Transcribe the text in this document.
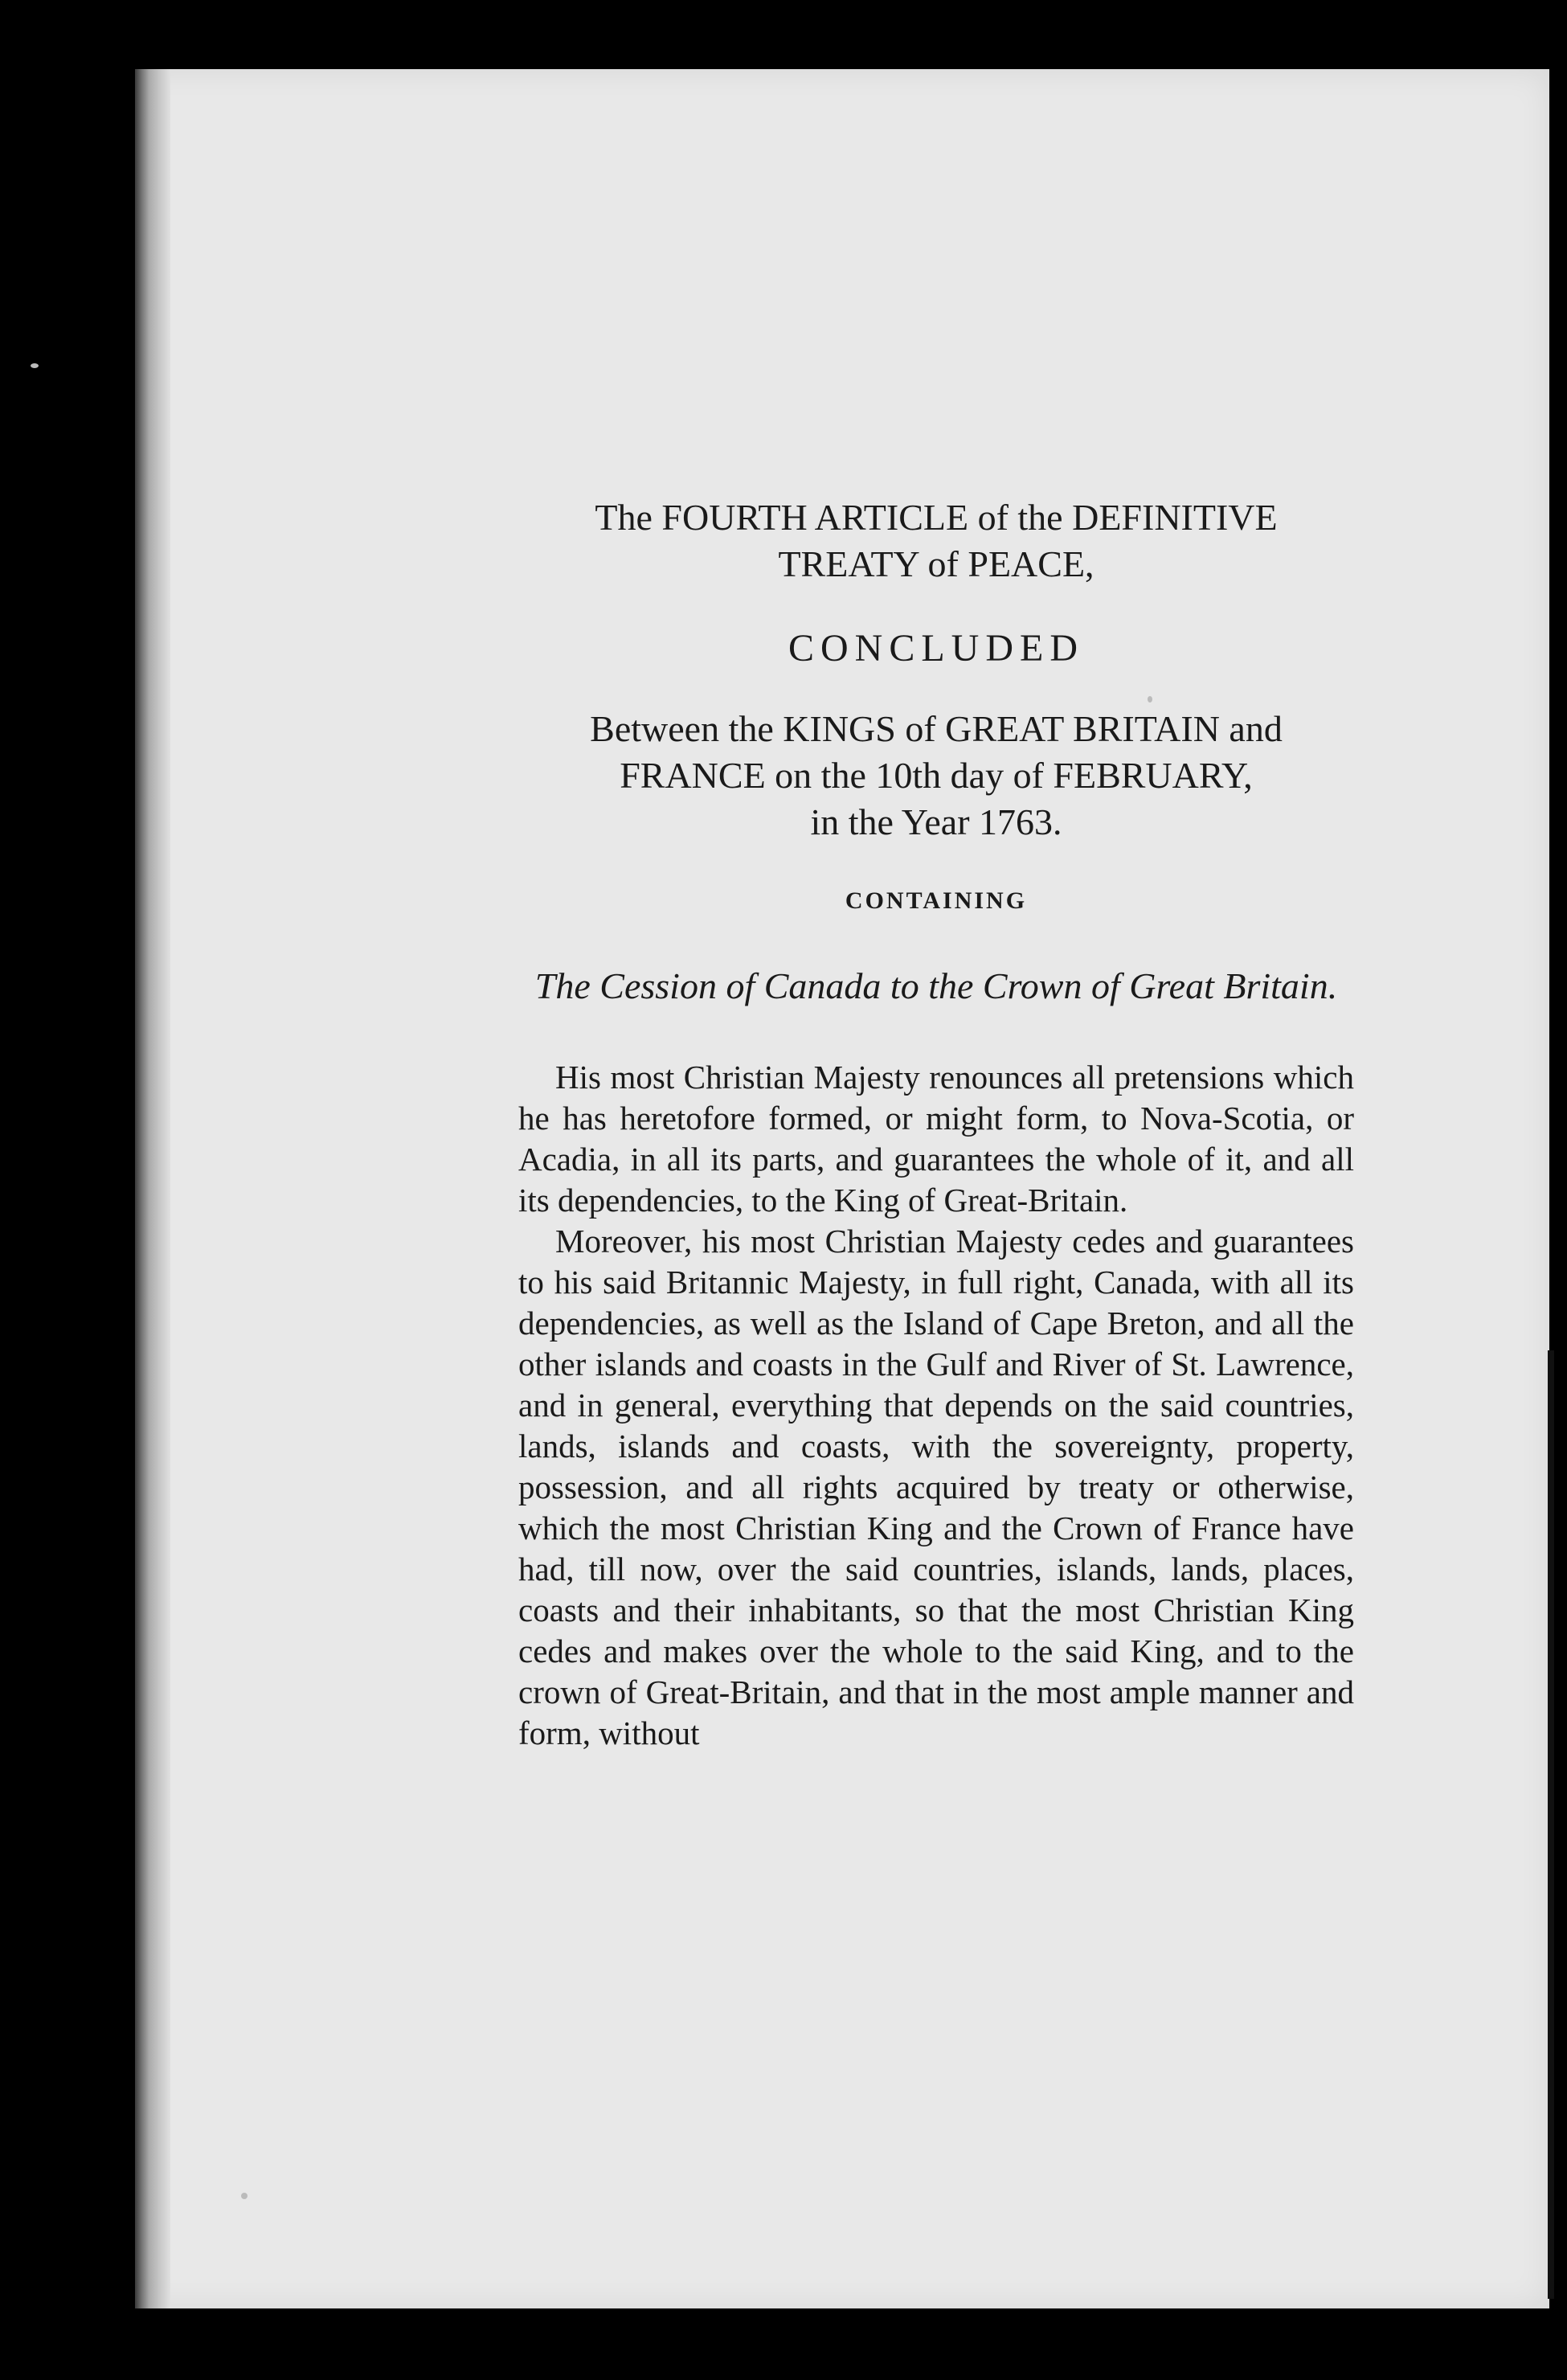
The FOURTH ARTICLE of the DEFINITIVE

TREATY of PEACE,

CONCLUDED

Between the KINGS of GREAT BRITAIN and

FRANCE on the 10th day of FEBRUARY,

in the Year 1763.

CONTAINING

The Cession of Canada to the Crown of Great Britain.

His most Christian Majesty renounces all pretensions which he has heretofore formed, or might form, to Nova-Scotia, or Acadia, in all its parts, and guarantees the whole of it, and all its dependencies, to the King of Great-Britain.

Moreover, his most Christian Majesty cedes and guarantees to his said Britannic Majesty, in full right, Canada, with all its dependencies, as well as the Island of Cape Breton, and all the other islands and coasts in the Gulf and River of St. Lawrence, and in general, everything that depends on the said countries, lands, islands and coasts, with the sovereignty, property, possession, and all rights acquired by treaty or otherwise, which the most Christian King and the Crown of France have had, till now, over the said countries, islands, lands, places, coasts and their inhabitants, so that the most Christian King cedes and makes over the whole to the said King, and to the crown of Great-Britain, and that in the most ample manner and form, without
